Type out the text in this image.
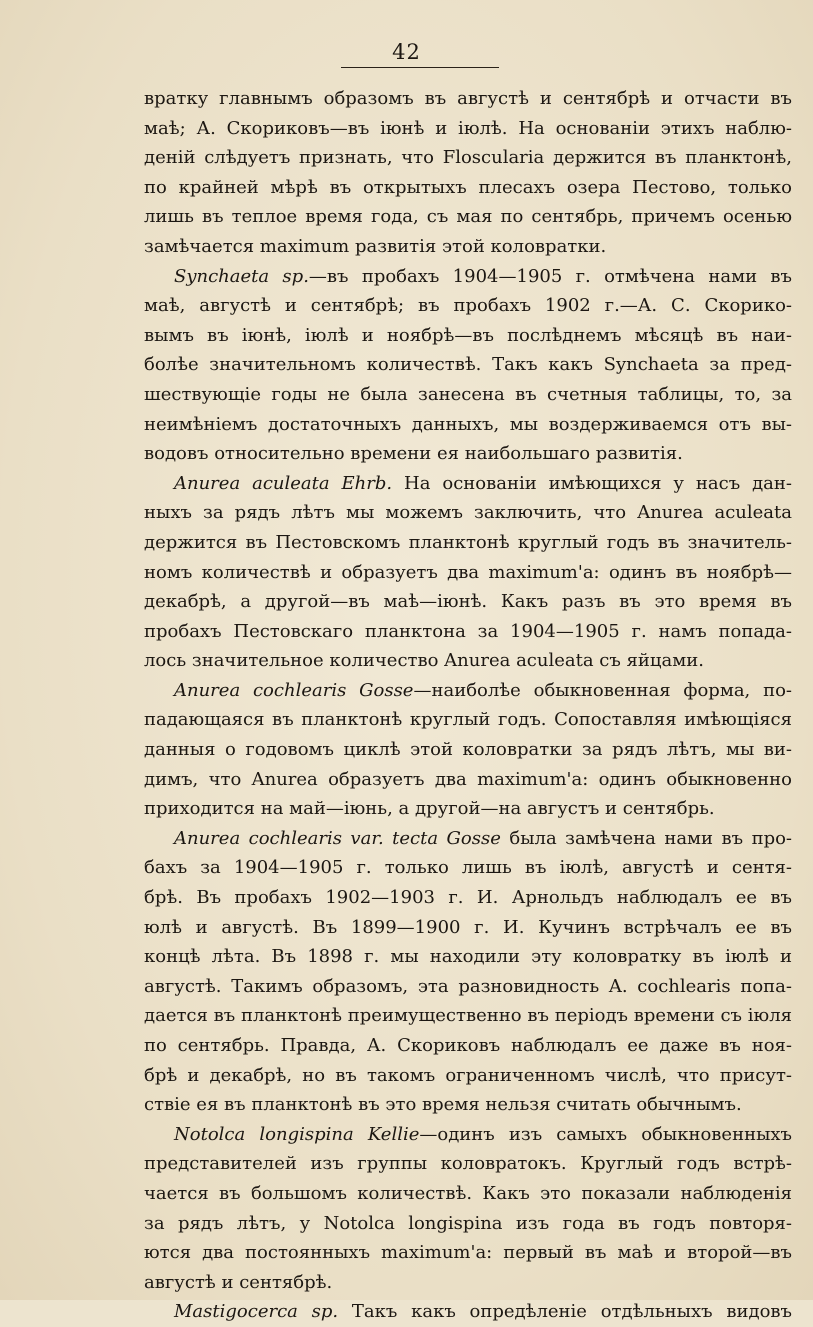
42
вратку главнымъ образомъ въ августѣ и сентябрѣ и отчасти въ
маѣ; А. Скориковъ—въ іюнѣ и іюлѣ. На основаніи этихъ наблю-
деній слѣдуетъ признать, что Floscularia держится въ планктонѣ,
по крайней мѣрѣ въ открытыхъ плесахъ озера Пестово, только
лишь въ теплое время года, съ мая по сентябрь, причемъ осенью
замѣчается maximum развитія этой коловратки.
Synchaeta sp.—въ пробахъ 1904—1905 г. отмѣчена нами въ
маѣ, августѣ и сентябрѣ; въ пробахъ 1902 г.—А. С. Скорико-
вымъ въ іюнѣ, іюлѣ и ноябрѣ—въ послѣднемъ мѣсяцѣ въ наи-
болѣе значительномъ количествѣ. Такъ какъ Synchaeta за пред-
шествующіе годы не была занесена въ счетныя таблицы, то, за
неимѣніемъ достаточныхъ данныхъ, мы воздерживаемся отъ вы-
водовъ относительно времени ея наибольшаго развитія.
Anurea aculeata Ehrb. На основаніи имѣющихся у насъ дан-
ныхъ за рядъ лѣтъ мы можемъ заключить, что Anurea aculeata
держится въ Пестовскомъ планктонѣ круглый годъ въ значитель-
номъ количествѣ и образуетъ два maximum'а: одинъ въ ноябрѣ—
декабрѣ, а другой—въ маѣ—іюнѣ. Какъ разъ въ это время въ
пробахъ Пестовскаго планктона за 1904—1905 г. намъ попада-
лось значительное количество Anurea aculeata съ яйцами.
Anurea cochlearis Gosse—наиболѣе обыкновенная форма, по-
падающаяся въ планктонѣ круглый годъ. Сопоставляя имѣющіяся
данныя о годовомъ циклѣ этой коловратки за рядъ лѣтъ, мы ви-
димъ, что Anurea образуетъ два maximum'а: одинъ обыкновенно
приходится на май—іюнь, а другой—на августъ и сентябрь.
Anurea cochlearis var. tecta Gosse была замѣчена нами въ про-
бахъ за 1904—1905 г. только лишь въ іюлѣ, августѣ и сентя-
брѣ. Въ пробахъ 1902—1903 г. И. Арнольдъ наблюдалъ ее въ
юлѣ и августѣ. Въ 1899—1900 г. И. Кучинъ встрѣчалъ ее въ
концѣ лѣта. Въ 1898 г. мы находили эту коловратку въ іюлѣ и
августѣ. Такимъ образомъ, эта разновидность A. cochlearis попа-
дается въ планктонѣ преимущественно въ періодъ времени съ іюля
по сентябрь. Правда, А. Скориковъ наблюдалъ ее даже въ ноя-
брѣ и декабрѣ, но въ такомъ ограниченномъ числѣ, что присут-
ствіе ея въ планктонѣ въ это время нельзя считать обычнымъ.
Notolca longispina Kellie—одинъ изъ самыхъ обыкновенныхъ
представителей изъ группы коловратокъ. Круглый годъ встрѣ-
чается въ большомъ количествѣ. Какъ это показали наблюденія
за рядъ лѣтъ, у Notolca longispina изъ года въ годъ повторя-
ются два постоянныхъ maximum'а: первый въ маѣ и второй—въ
августѣ и сентябрѣ.
Mastigocerca sp. Такъ какъ опредѣленіе отдѣльныхъ видовъ
